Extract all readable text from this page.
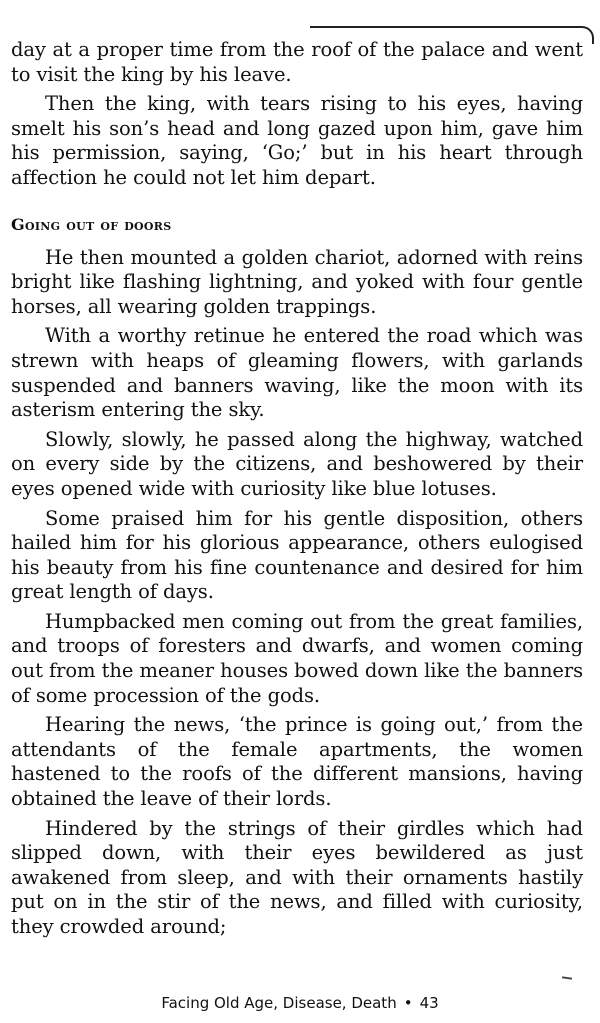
day at a proper time from the roof of the palace and went to visit the king by his leave.

Then the king, with tears rising to his eyes, having smelt his son’s head and long gazed upon him, gave him his permission, saying, ‘Go;’ but in his heart through affection he could not let him depart.

Going out of doors

He then mounted a golden chariot, adorned with reins bright like flashing lightning, and yoked with four gentle horses, all wearing golden trappings.

With a worthy retinue he entered the road which was strewn with heaps of gleaming flowers, with garlands suspended and banners waving, like the moon with its asterism entering the sky.

Slowly, slowly, he passed along the highway, watched on every side by the citizens, and beshowered by their eyes opened wide with curiosity like blue lotuses.

Some praised him for his gentle disposition, others hailed him for his glorious appearance, others eulogised his beauty from his fine countenance and desired for him great length of days.

Humpbacked men coming out from the great families, and troops of foresters and dwarfs, and women coming out from the meaner houses bowed down like the banners of some procession of the gods.

Hearing the news, ‘the prince is going out,’ from the attendants of the female apartments, the women hastened to the roofs of the different mansions, having obtained the leave of their lords.

Hindered by the strings of their girdles which had slipped down, with their eyes bewildered as just awakened from sleep, and with their ornaments hastily put on in the stir of the news, and filled with curiosity, they crowded around;

Facing Old Age, Disease, Death • 43
